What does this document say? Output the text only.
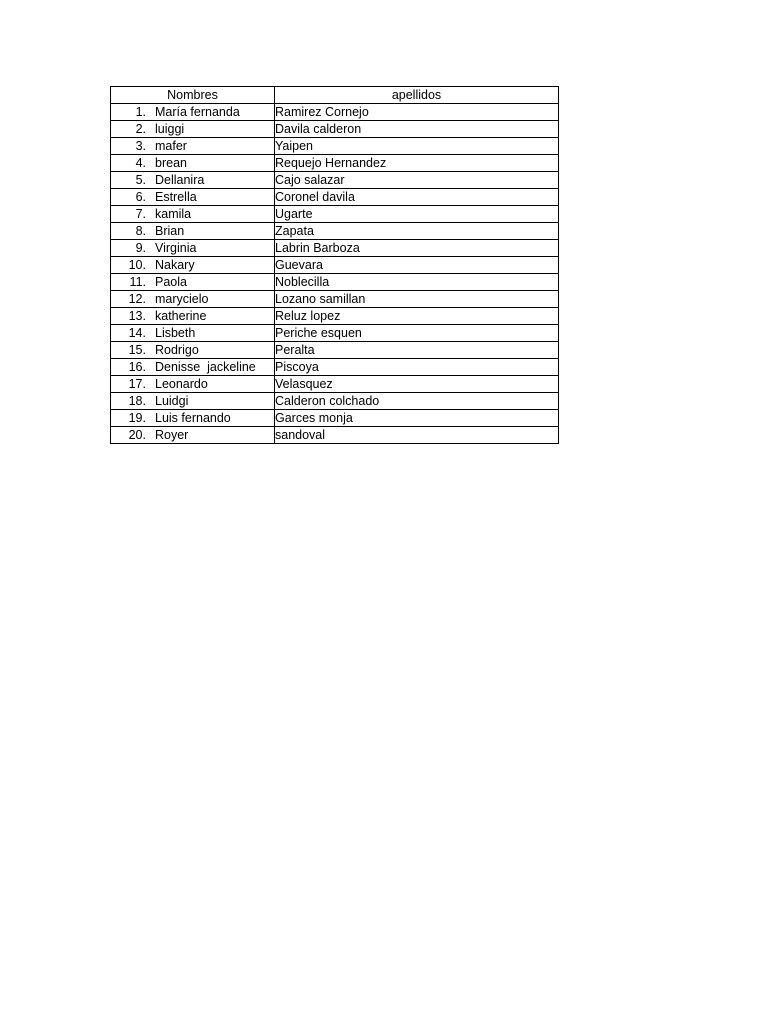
Nombres	apellidos
1. María fernanda	Ramirez Cornejo
2. luiggi	Davila calderon
3. mafer	Yaipen
4. brean	Requejo Hernandez
5. Dellanira	Cajo salazar
6. Estrella	Coronel davila
7. kamila	Ugarte
8. Brian	Zapata
9. Virginia	Labrin Barboza
10. Nakary	Guevara
11. Paola	Noblecilla
12. marycielo	Lozano samillan
13. katherine	Reluz lopez
14. Lisbeth	Periche esquen
15. Rodrigo	Peralta
16. Denisse  jackeline	Piscoya
17. Leonardo	Velasquez
18. Luidgi	Calderon colchado
19. Luis fernando	Garces monja
20. Royer	sandoval
